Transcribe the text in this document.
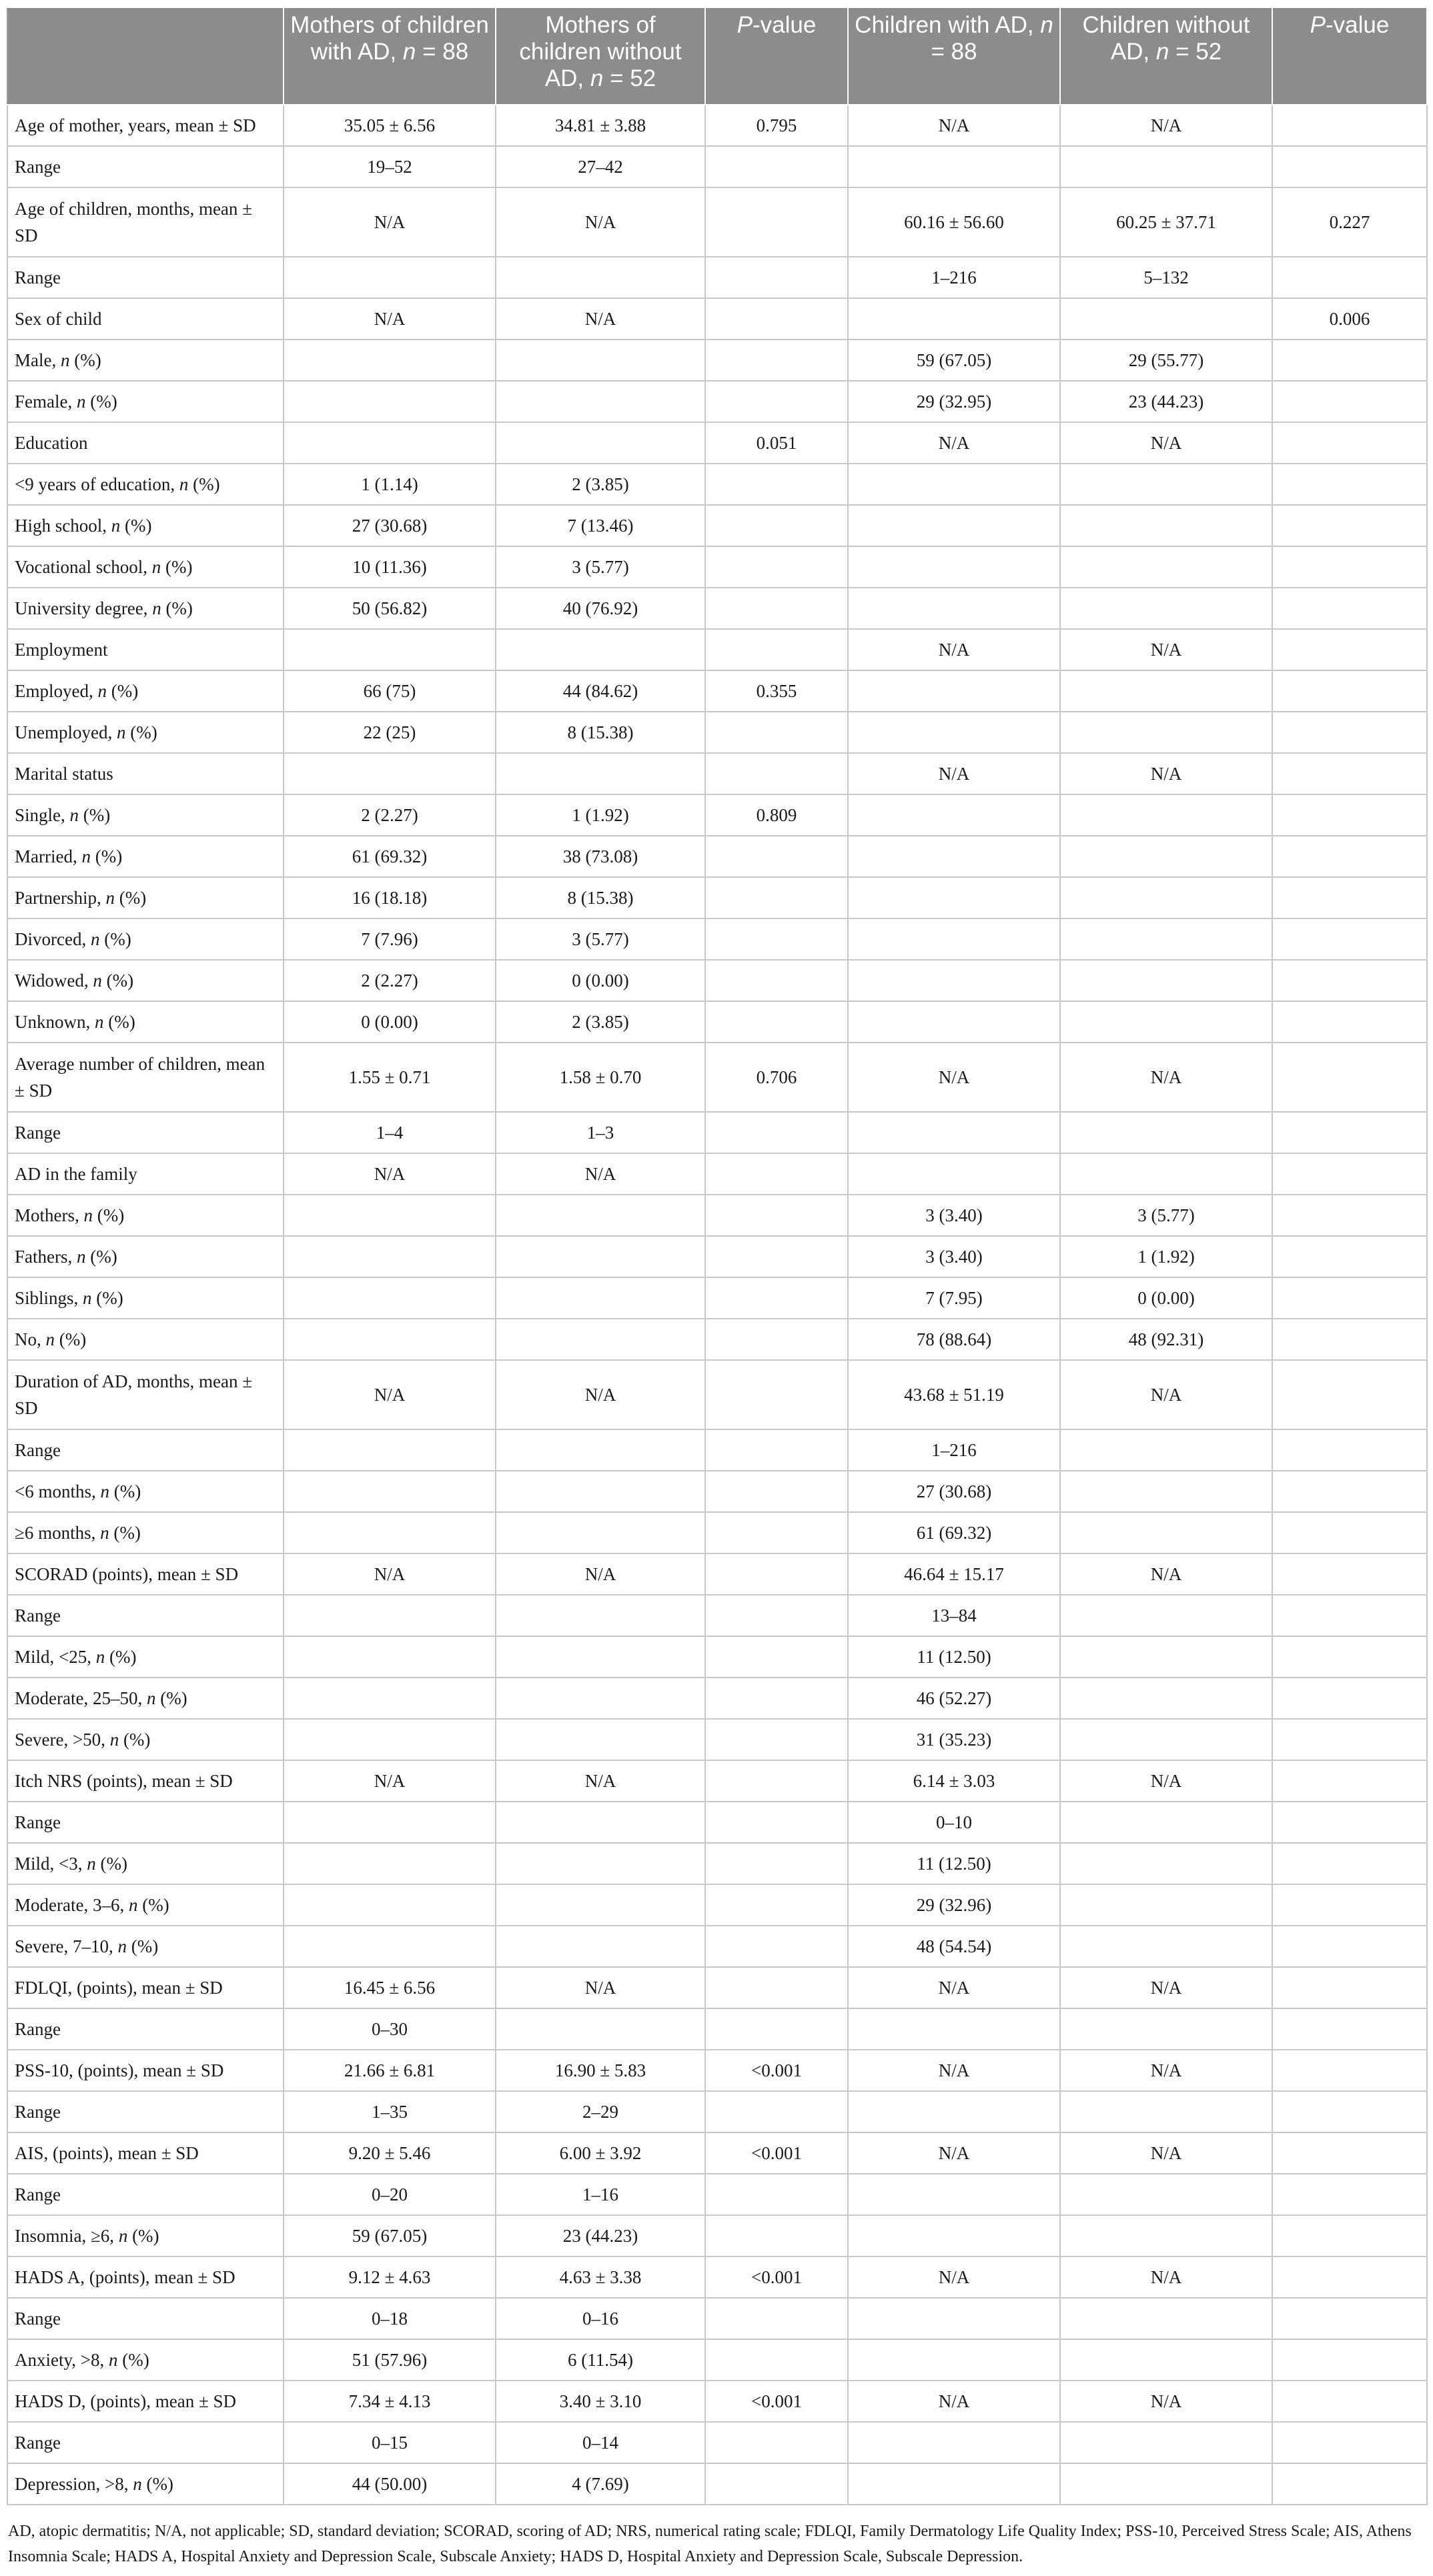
	Mothers of children with AD, n = 88	Mothers of children without AD, n = 52	P-value	Children with AD, n = 88	Children without AD, n = 52	P-value
Age of mother, years, mean ± SD	35.05 ± 6.56	34.81 ± 3.88	0.795	N/A	N/A	
Range	19–52	27–42				
Age of children, months, mean ± SD	N/A	N/A		60.16 ± 56.60	60.25 ± 37.71	0.227
Range				1–216	5–132	
Sex of child	N/A	N/A				0.006
Male, n (%)				59 (67.05)	29 (55.77)	
Female, n (%)				29 (32.95)	23 (44.23)	
Education			0.051	N/A	N/A	
<9 years of education, n (%)	1 (1.14)	2 (3.85)				
High school, n (%)	27 (30.68)	7 (13.46)				
Vocational school, n (%)	10 (11.36)	3 (5.77)				
University degree, n (%)	50 (56.82)	40 (76.92)				
Employment				N/A	N/A	
Employed, n (%)	66 (75)	44 (84.62)	0.355			
Unemployed, n (%)	22 (25)	8 (15.38)				
Marital status				N/A	N/A	
Single, n (%)	2 (2.27)	1 (1.92)	0.809			
Married, n (%)	61 (69.32)	38 (73.08)				
Partnership, n (%)	16 (18.18)	8 (15.38)				
Divorced, n (%)	7 (7.96)	3 (5.77)				
Widowed, n (%)	2 (2.27)	0 (0.00)				
Unknown, n (%)	0 (0.00)	2 (3.85)				
Average number of children, mean ± SD	1.55 ± 0.71	1.58 ± 0.70	0.706	N/A	N/A	
Range	1–4	1–3				
AD in the family	N/A	N/A				
Mothers, n (%)				3 (3.40)	3 (5.77)	
Fathers, n (%)				3 (3.40)	1 (1.92)	
Siblings, n (%)				7 (7.95)	0 (0.00)	
No, n (%)				78 (88.64)	48 (92.31)	
Duration of AD, months, mean ± SD	N/A	N/A		43.68 ± 51.19	N/A	
Range				1–216		
<6 months, n (%)				27 (30.68)		
≥6 months, n (%)				61 (69.32)		
SCORAD (points), mean ± SD	N/A	N/A		46.64 ± 15.17	N/A	
Range				13–84		
Mild, <25, n (%)				11 (12.50)		
Moderate, 25–50, n (%)				46 (52.27)		
Severe, >50, n (%)				31 (35.23)		
Itch NRS (points), mean ± SD	N/A	N/A		6.14 ± 3.03	N/A	
Range				0–10		
Mild, <3, n (%)				11 (12.50)		
Moderate, 3–6, n (%)				29 (32.96)		
Severe, 7–10, n (%)				48 (54.54)		
FDLQI, (points), mean ± SD	16.45 ± 6.56	N/A		N/A	N/A	
Range	0–30					
PSS-10, (points), mean ± SD	21.66 ± 6.81	16.90 ± 5.83	<0.001	N/A	N/A	
Range	1–35	2–29				
AIS, (points), mean ± SD	9.20 ± 5.46	6.00 ± 3.92	<0.001	N/A	N/A	
Range	0–20	1–16				
Insomnia, ≥6, n (%)	59 (67.05)	23 (44.23)				
HADS A, (points), mean ± SD	9.12 ± 4.63	4.63 ± 3.38	<0.001	N/A	N/A	
Range	0–18	0–16				
Anxiety, >8, n (%)	51 (57.96)	6 (11.54)				
HADS D, (points), mean ± SD	7.34 ± 4.13	3.40 ± 3.10	<0.001	N/A	N/A	
Range	0–15	0–14				
Depression, >8, n (%)	44 (50.00)	4 (7.69)				
AD, atopic dermatitis; N/A, not applicable; SD, standard deviation; SCORAD, scoring of AD; NRS, numerical rating scale; FDLQI, Family Dermatology Life Quality Index; PSS-10, Perceived Stress Scale; AIS, Athens Insomnia Scale; HADS A, Hospital Anxiety and Depression Scale, Subscale Anxiety; HADS D, Hospital Anxiety and Depression Scale, Subscale Depression.
